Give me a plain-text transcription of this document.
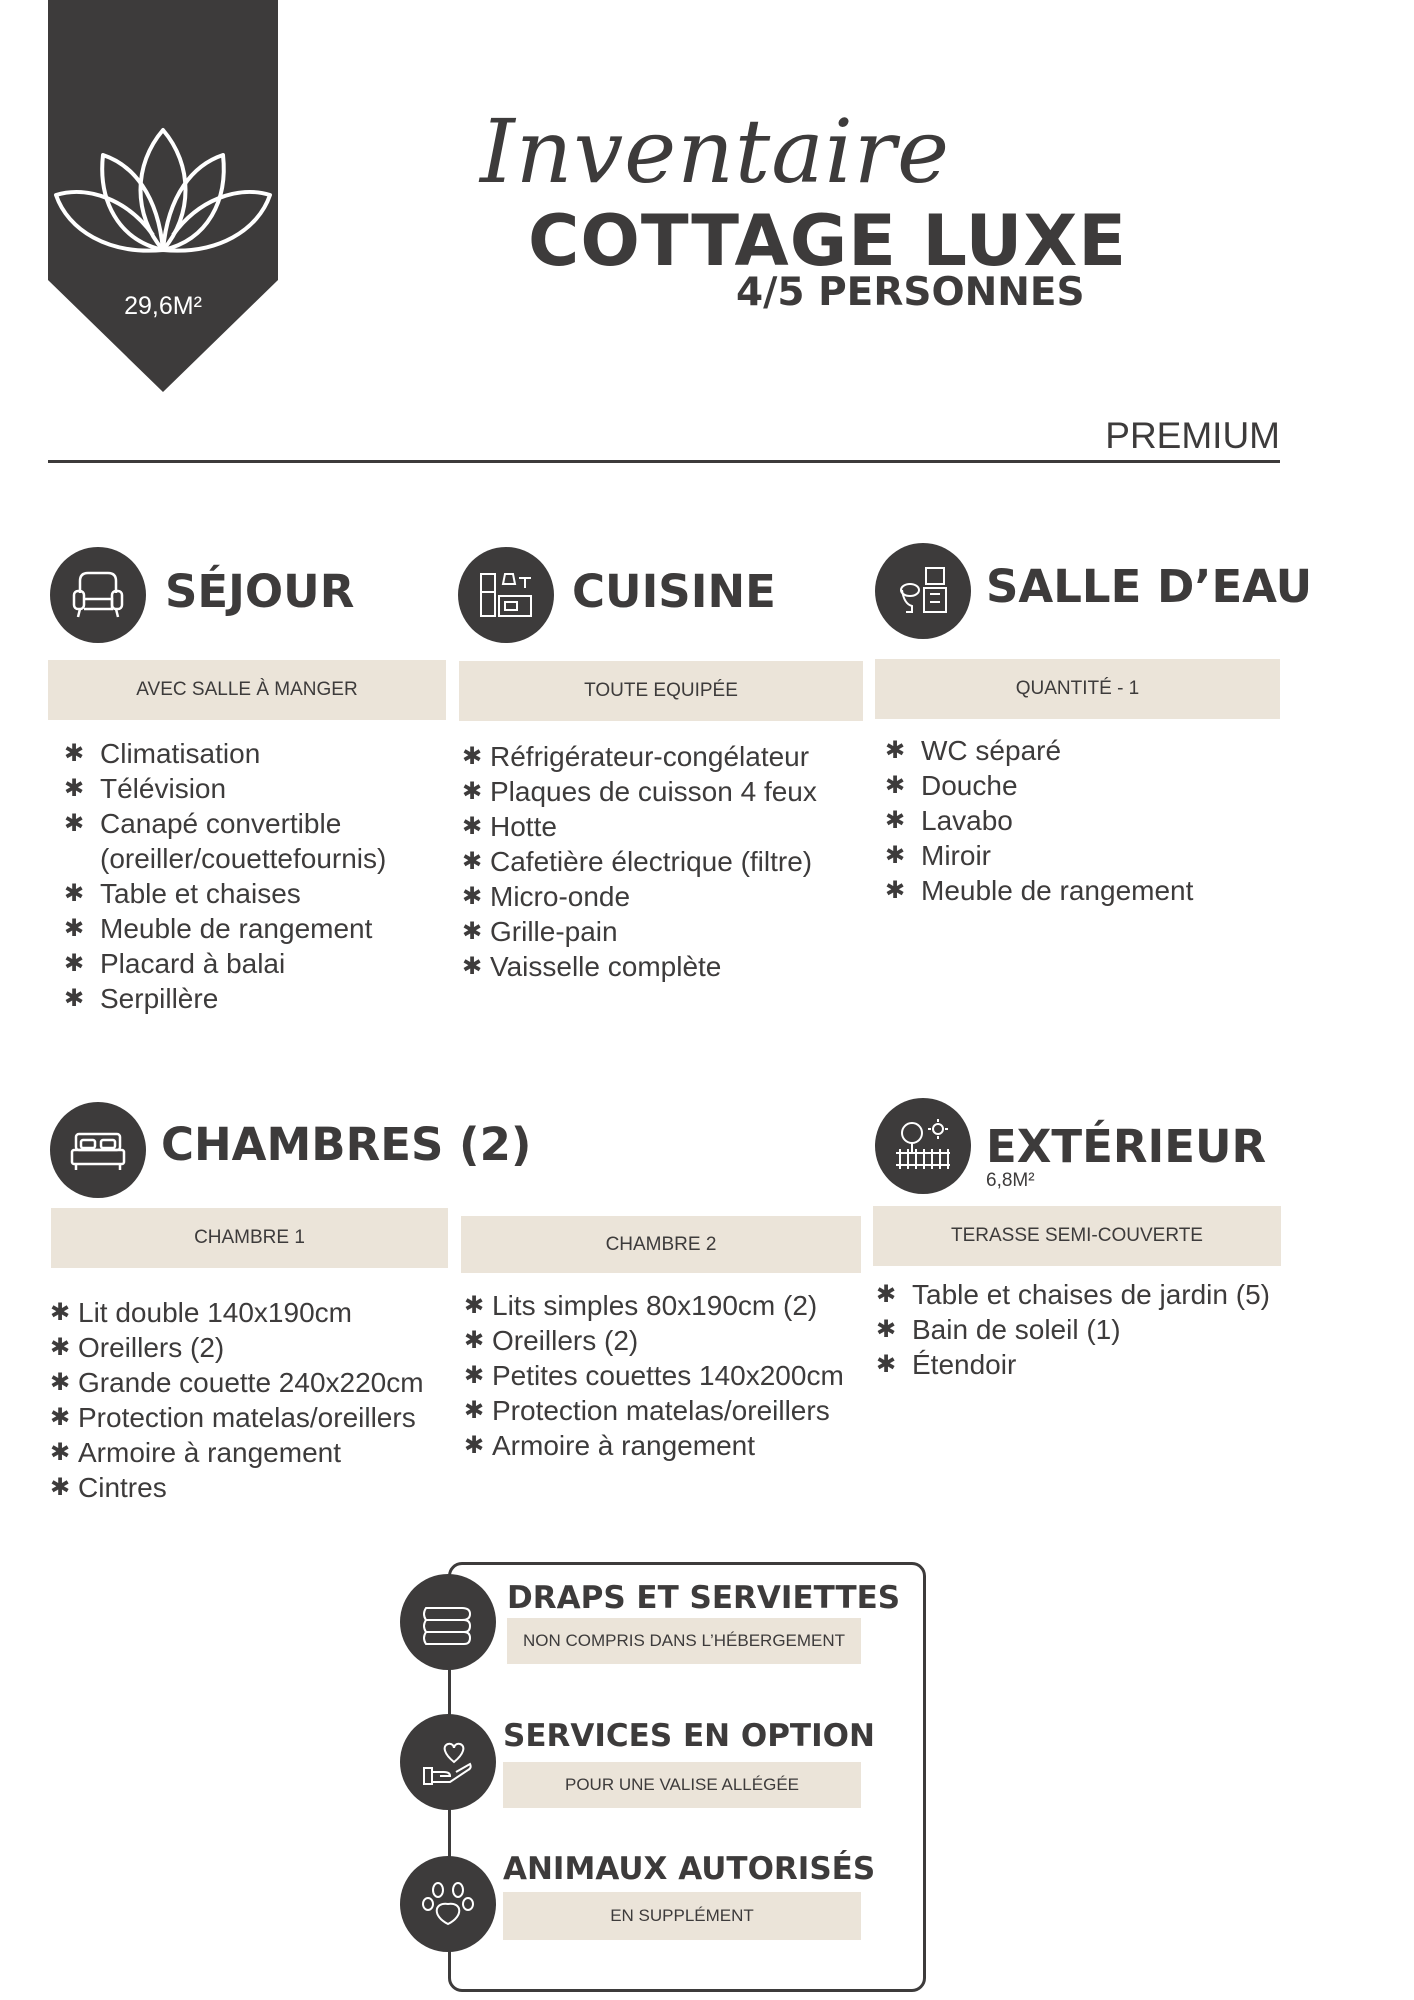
29,6M²
Inventaire
COTTAGE LUXE
4/5 PERSONNES
PREMIUM
SÉJOUR
AVEC SALLE À MANGER
✱ Climatisation
✱ Télévision
✱ Canapé convertible (oreiller/couettefournis)
✱ Table et chaises
✱ Meuble de rangement
✱ Placard à balai
✱ Serpillère
CUISINE
TOUTE EQUIPÉE
✱ Réfrigérateur-congélateur
✱ Plaques de cuisson 4 feux
✱ Hotte
✱ Cafetière électrique (filtre)
✱ Micro-onde
✱ Grille-pain
✱ Vaisselle complète
SALLE D’EAU
QUANTITÉ - 1
✱ WC séparé
✱ Douche
✱ Lavabo
✱ Miroir
✱ Meuble de rangement
CHAMBRES (2)
CHAMBRE 1
✱ Lit double 140x190cm
✱ Oreillers (2)
✱ Grande couette 240x220cm
✱ Protection matelas/oreillers
✱ Armoire à rangement
✱ Cintres
CHAMBRE 2
✱ Lits simples 80x190cm (2)
✱ Oreillers (2)
✱ Petites couettes 140x200cm
✱ Protection matelas/oreillers
✱ Armoire à rangement
EXTÉRIEUR
6,8M²
TERASSE SEMI-COUVERTE
✱ Table et chaises de jardin (5)
✱ Bain de soleil (1)
✱ Étendoir
DRAPS ET SERVIETTES
NON COMPRIS DANS L’HÉBERGEMENT
SERVICES EN OPTION
POUR UNE VALISE ALLÉGÉE
ANIMAUX AUTORISÉS
EN SUPPLÉMENT
